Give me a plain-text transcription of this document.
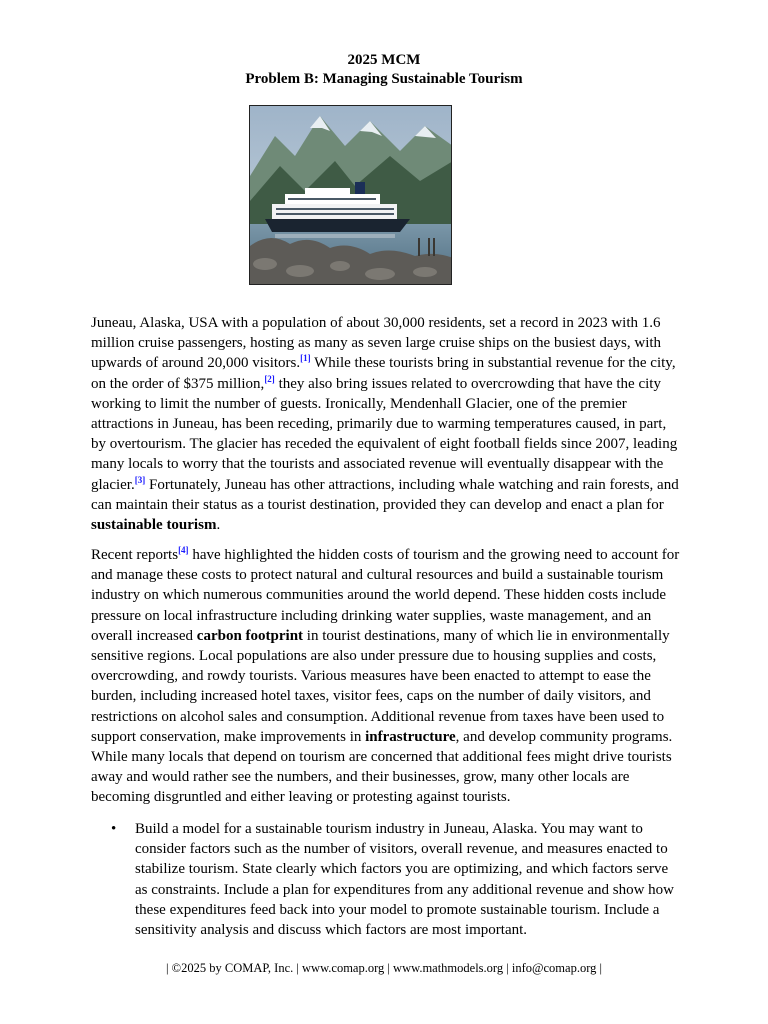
2025 MCM
Problem B: Managing Sustainable Tourism

Juneau, Alaska, USA with a population of about 30,000 residents, set a record in 2023 with 1.6 million cruise passengers, hosting as many as seven large cruise ships on the busiest days, with upwards of around 20,000 visitors.[1] While these tourists bring in substantial revenue for the city, on the order of $375 million,[2] they also bring issues related to overcrowding that have the city working to limit the number of guests. Ironically, Mendenhall Glacier, one of the premier attractions in Juneau, has been receding, primarily due to warming temperatures caused, in part, by overtourism. The glacier has receded the equivalent of eight football fields since 2007, leading many locals to worry that the tourists and associated revenue will eventually disappear with the glacier.[3] Fortunately, Juneau has other attractions, including whale watching and rain forests, and can maintain their status as a tourist destination, provided they can develop and enact a plan for sustainable tourism.

Recent reports[4] have highlighted the hidden costs of tourism and the growing need to account for and manage these costs to protect natural and cultural resources and build a sustainable tourism industry on which numerous communities around the world depend. These hidden costs include pressure on local infrastructure including drinking water supplies, waste management, and an overall increased carbon footprint in tourist destinations, many of which lie in environmentally sensitive regions. Local populations are also under pressure due to housing supplies and costs, overcrowding, and rowdy tourists. Various measures have been enacted to attempt to ease the burden, including increased hotel taxes, visitor fees, caps on the number of daily visitors, and restrictions on alcohol sales and consumption. Additional revenue from taxes have been used to support conservation, make improvements in infrastructure, and develop community programs. While many locals that depend on tourism are concerned that additional fees might drive tourists away and would rather see the numbers, and their businesses, grow, many other locals are becoming disgruntled and either leaving or protesting against tourists.

• Build a model for a sustainable tourism industry in Juneau, Alaska. You may want to consider factors such as the number of visitors, overall revenue, and measures enacted to stabilize tourism. State clearly which factors you are optimizing, and which factors serve as constraints. Include a plan for expenditures from any additional revenue and show how these expenditures feed back into your model to promote sustainable tourism. Include a sensitivity analysis and discuss which factors are most important.
| ©2025 by COMAP, Inc. | www.comap.org | www.mathmodels.org | info@comap.org |
